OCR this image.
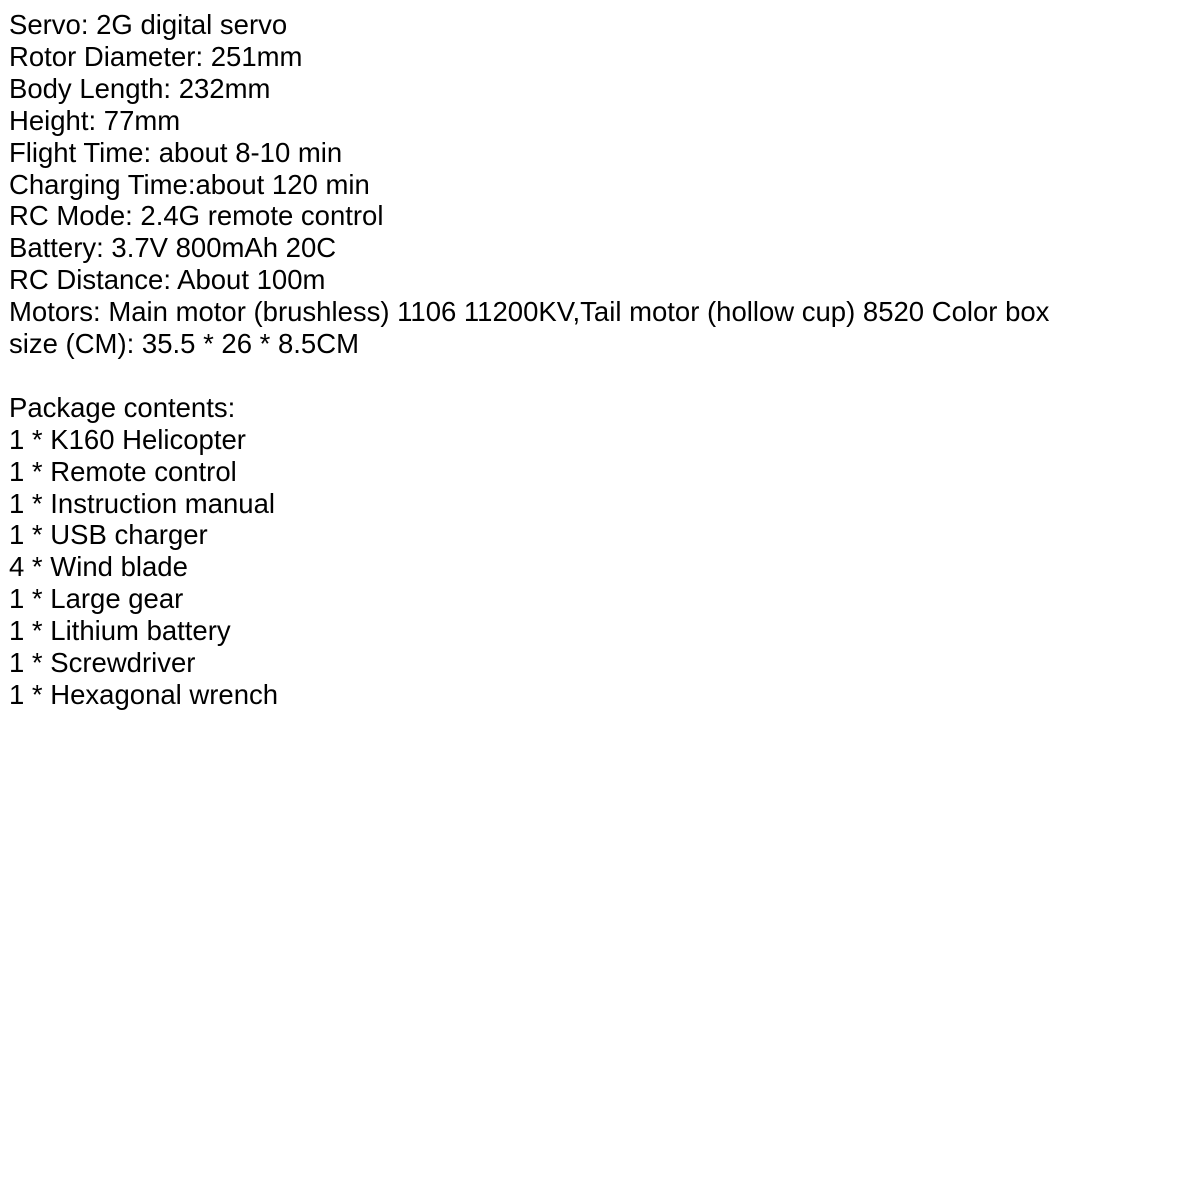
Servo: 2G digital servo
Rotor Diameter: 251mm
Body Length: 232mm
Height: 77mm
Flight Time: about 8-10 min
Charging Time:about 120 min
RC Mode: 2.4G remote control
Battery: 3.7V 800mAh 20C
RC Distance: About 100m
Motors: Main motor (brushless) 1106 11200KV,Tail motor (hollow cup) 8520 Color box
size (CM): 35.5 * 26 * 8.5CM
Package contents:
1 * K160 Helicopter
1 * Remote control
1 * Instruction manual
1 * USB charger
4 * Wind blade
1 * Large gear
1 * Lithium battery
1 * Screwdriver
1 * Hexagonal wrench
